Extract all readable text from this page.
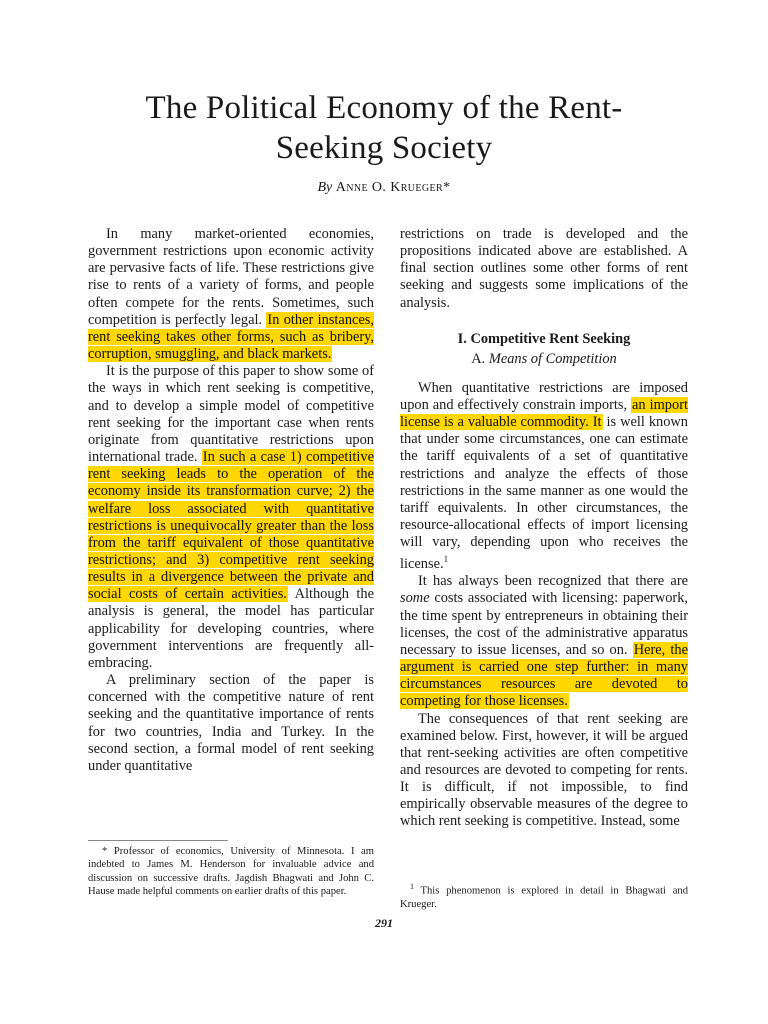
The Political Economy of the Rent-
Seeking Society
By Anne O. Krueger*

In many market-oriented economies, government restrictions upon economic activity are pervasive facts of life. These restrictions give rise to rents of a variety of forms, and people often compete for the rents. Sometimes, such competition is perfectly legal. In other instances, rent seeking takes other forms, such as bribery, corruption, smuggling, and black markets.

It is the purpose of this paper to show some of the ways in which rent seeking is competitive, and to develop a simple model of competitive rent seeking for the important case when rents originate from quantitative restrictions upon international trade. In such a case 1) competitive rent seeking leads to the operation of the economy inside its transformation curve; 2) the welfare loss associated with quantitative restrictions is unequivocally greater than the loss from the tariff equivalent of those quantitative restrictions; and 3) competitive rent seeking results in a divergence between the private and social costs of certain activities. Although the analysis is general, the model has particular applicability for developing countries, where government interventions are frequently all-embracing.

A preliminary section of the paper is concerned with the competitive nature of rent seeking and the quantitative importance of rents for two countries, India and Turkey. In the second section, a formal model of rent seeking under quantitative

* Professor of economics, University of Minnesota. I am indebted to James M. Henderson for invaluable advice and discussion on successive drafts. Jagdish Bhagwati and John C. Hause made helpful comments on earlier drafts of this paper.

restrictions on trade is developed and the propositions indicated above are established. A final section outlines some other forms of rent seeking and suggests some implications of the analysis.

I. Competitive Rent Seeking
A. Means of Competition

When quantitative restrictions are imposed upon and effectively constrain imports, an import license is a valuable commodity. It is well known that under some circumstances, one can estimate the tariff equivalents of a set of quantitative restrictions and analyze the effects of those restrictions in the same manner as one would the tariff equivalents. In other circumstances, the resource-allocational effects of import licensing will vary, depending upon who receives the license.$^1$

It has always been recognized that there are some costs associated with licensing: paperwork, the time spent by entrepreneurs in obtaining their licenses, the cost of the administrative apparatus necessary to issue licenses, and so on. Here, the argument is carried one step further: in many circumstances resources are devoted to competing for those licenses.

The consequences of that rent seeking are examined below. First, however, it will be argued that rent-seeking activities are often competitive and resources are devoted to competing for rents. It is difficult, if not impossible, to find empirically observable measures of the degree to which rent seeking is competitive. Instead, some

$^1$ This phenomenon is explored in detail in Bhagwati and Krueger.
291
